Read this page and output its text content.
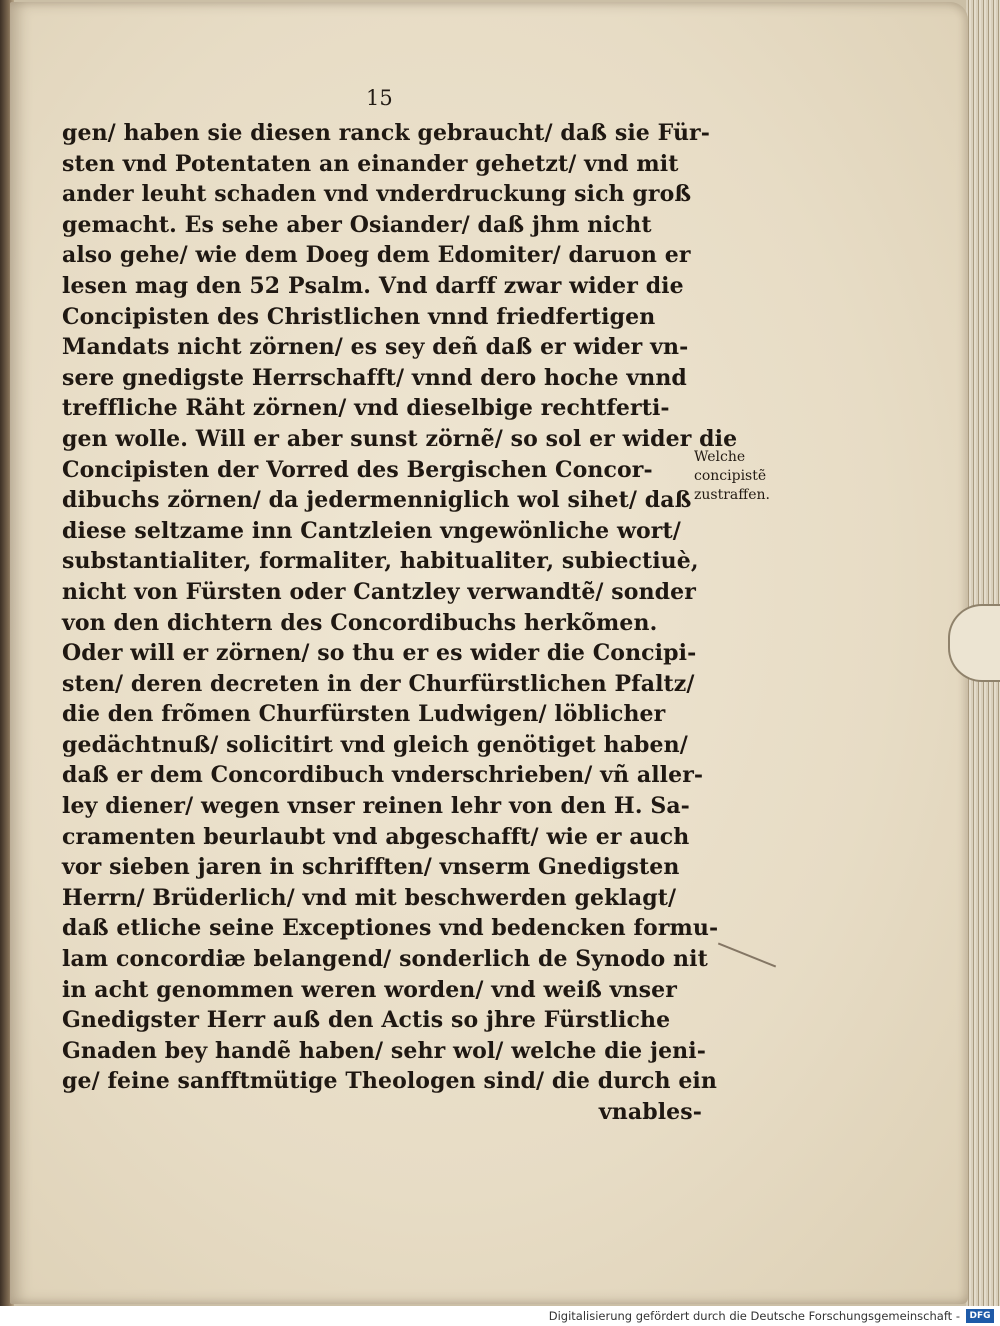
15
gen/ haben sie diesen ranck gebraucht/ daß sie Für-
sten vnd Potentaten an einander gehetzt/ vnd mit
ander leuht schaden vnd vnderdruckung sich groß
gemacht. Es sehe aber Osiander/ daß jhm nicht
also gehe/ wie dem Doeg dem Edomiter/ daruon er
lesen mag den 52 Psalm. Vnd darff zwar wider die
Concipisten des Christlichen vnnd friedfertigen
Mandats nicht zörnen/ es sey deñ daß er wider vn-
sere gnedigste Herrschafft/ vnnd dero hoche vnnd
treffliche Räht zörnen/ vnd dieselbige rechtferti-
gen wolle. Will er aber sunst zörnẽ/ so sol er wider die
Concipisten der Vorred des Bergischen Concor-
dibuchs zörnen/ da jedermenniglich wol sihet/ daß
diese seltzame inn Cantzleien vngewönliche wort/
substantialiter, formaliter, habitualiter, subiectiuè,
nicht von Fürsten oder Cantzley verwandtẽ/ sonder
von den dichtern des Concordibuchs herkõmen.
Oder will er zörnen/ so thu er es wider die Concipi-
sten/ deren decreten in der Churfürstlichen Pfaltz/
die den frõmen Churfürsten Ludwigen/ löblicher
gedächtnuß/ solicitirt vnd gleich genötiget haben/
daß er dem Concordibuch vnderschrieben/ vñ aller-
ley diener/ wegen vnser reinen lehr von den H. Sa-
cramenten beurlaubt vnd abgeschafft/ wie er auch
vor sieben jaren in schrifften/ vnserm Gnedigsten
Herrn/ Brüderlich/ vnd mit beschwerden geklagt/
daß etliche seine Exceptiones vnd bedencken formu-
lam concordiæ belangend/ sonderlich de Synodo nit
in acht genommen weren worden/ vnd weiß vnser
Gnedigster Herr auß den Actis so jhre Fürstliche
Gnaden bey handẽ haben/ sehr wol/ welche die jeni-
ge/ feine sanfftmütige Theologen sind/ die durch ein
vnables-
Welche
concipistẽ
zustraffen.
Digitalisierung gefördert durch die Deutsche Forschungsgemeinschaft -	DFG
